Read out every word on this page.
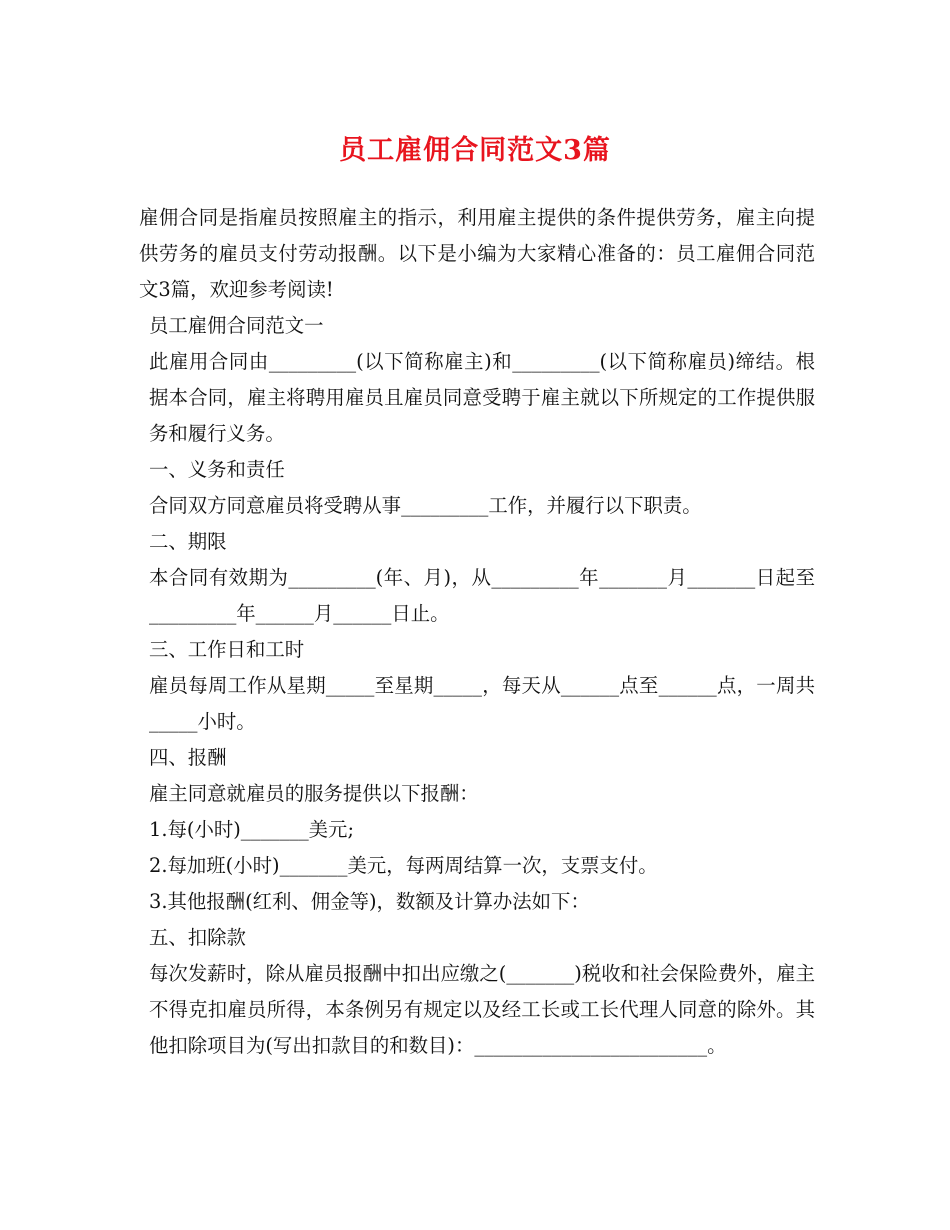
员工雇佣合同范文3篇

雇佣合同是指雇员按照雇主的指示，利用雇主提供的条件提供劳务，雇主向提供劳务的雇员支付劳动报酬。以下是小编为大家精心准备的：员工雇佣合同范文3篇，欢迎参考阅读!

员工雇佣合同范文一

此雇用合同由_________(以下简称雇主)和_________(以下简称雇员)缔结。根据本合同，雇主将聘用雇员且雇员同意受聘于雇主就以下所规定的工作提供服务和履行义务。

一、义务和责任

合同双方同意雇员将受聘从事_________工作，并履行以下职责。

二、期限

本合同有效期为_________(年、月)，从_________年_______月_______日起至_________年______月______日止。

三、工作日和工时

雇员每周工作从星期_____至星期_____，每天从______点至______点，一周共_____小时。

四、报酬

雇主同意就雇员的服务提供以下报酬：

1.每(小时)_______美元;

2.每加班(小时)_______美元，每两周结算一次，支票支付。

3.其他报酬(红利、佣金等)，数额及计算办法如下：

五、扣除款

每次发薪时，除从雇员报酬中扣出应缴之(_______)税收和社会保险费外，雇主不得克扣雇员所得，本条例另有规定以及经工长或工长代理人同意的除外。其他扣除项目为(写出扣款目的和数目)：________________________。
